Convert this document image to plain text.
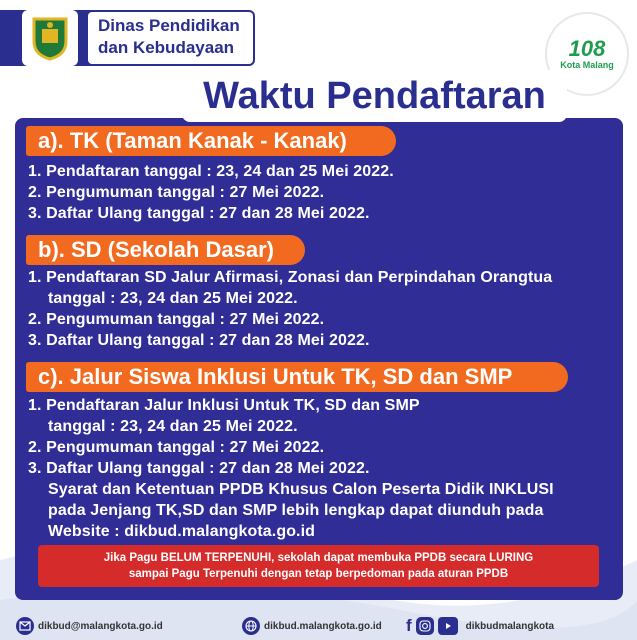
Dinas Pendidikan
dan Kebudayaan	108
Kota Malang
Waktu Pendaftaran
a). TK (Taman Kanak - Kanak)
1. Pendaftaran tanggal : 23, 24 dan 25 Mei 2022.
2. Pengumuman tanggal : 27 Mei 2022.
3. Daftar Ulang tanggal : 27 dan 28 Mei 2022.
b). SD (Sekolah Dasar)
1. Pendaftaran SD Jalur Afirmasi, Zonasi dan Perpindahan Orangtua
tanggal : 23, 24 dan 25 Mei 2022.
2. Pengumuman tanggal : 27 Mei 2022.
3. Daftar Ulang tanggal : 27 dan 28 Mei 2022.
c). Jalur Siswa Inklusi Untuk TK, SD dan SMP
1. Pendaftaran Jalur Inklusi Untuk TK, SD dan SMP
tanggal : 23, 24 dan 25 Mei 2022.
2. Pengumuman tanggal : 27 Mei 2022.
3. Daftar Ulang tanggal : 27 dan 28 Mei 2022.
Syarat dan Ketentuan PPDB Khusus Calon Peserta Didik INKLUSI
pada Jenjang TK,SD dan SMP lebih lengkap dapat diunduh pada
Website : dikbud.malangkota.go.id
Jika Pagu BELUM TERPENUHI, sekolah dapat membuka PPDB secara LURING
sampai Pagu Terpenuhi dengan tetap berpedoman pada aturan PPDB
dikbud@malangkota.go.id	dikbud.malangkota.go.id f	dikbudmalangkota
